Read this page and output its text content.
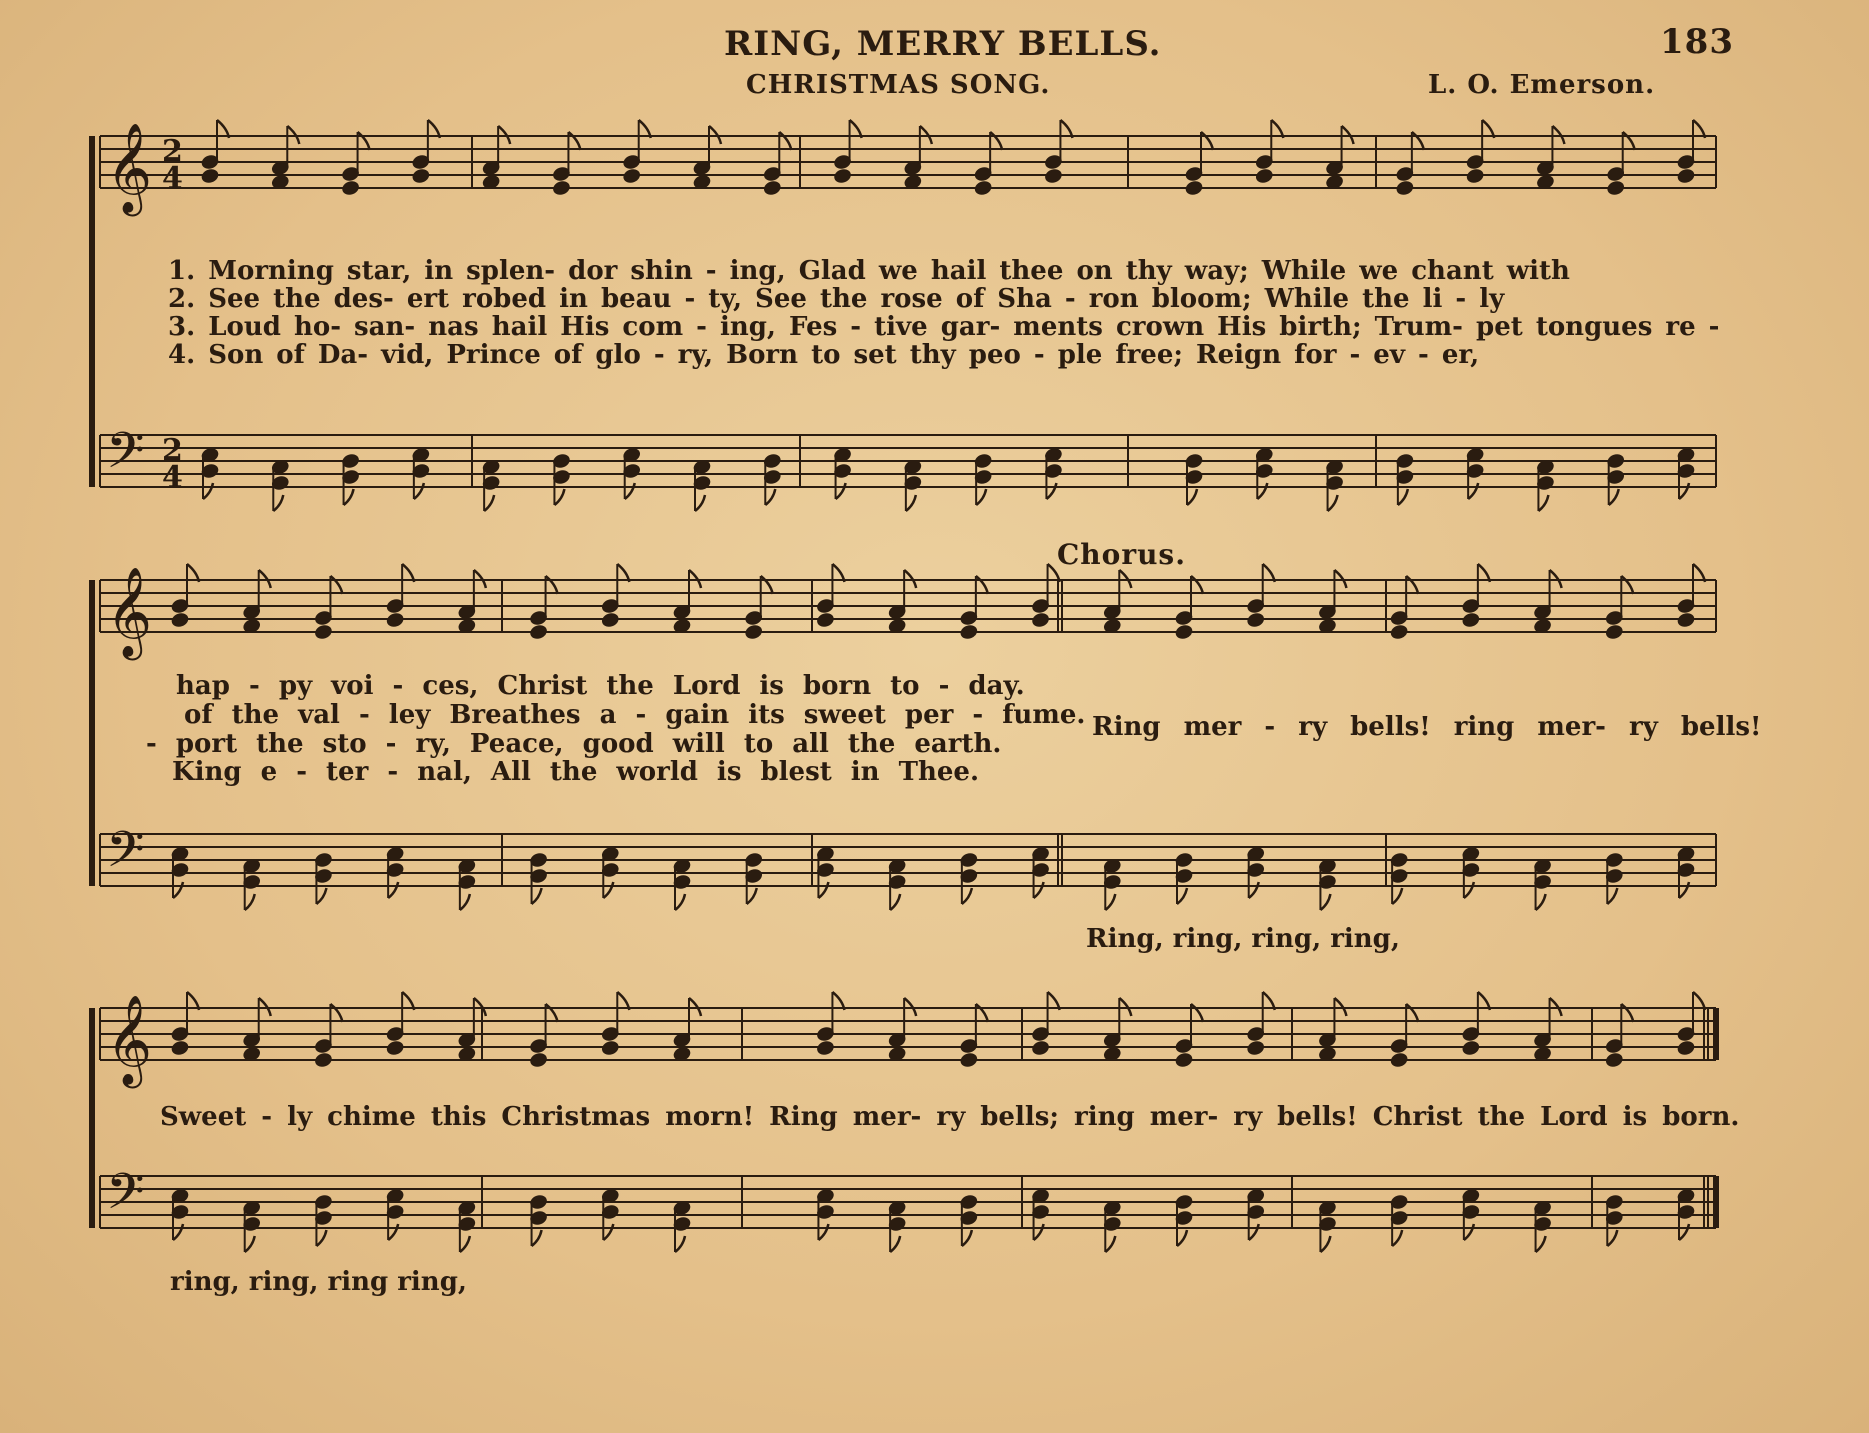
RING, MERRY BELLS.
CHRISTMAS SONG.	L. O. Emerson.
183
𝄞
𝄢
2
4
2
4
𝄞
𝄢
𝄞
𝄢
1. Morning star, in splen- dor shin - ing, Glad we hail thee on thy way; While we chant with
2. See the des- ert robed in beau - ty, See the rose of Sha - ron bloom; While the li - ly
3. Loud ho- san- nas hail His com - ing, Fes - tive gar- ments crown His birth; Trum- pet tongues re -
4. Son of Da- vid, Prince of glo - ry, Born to set thy peo - ple free; Reign for - ev - er,
hap - py voi - ces, Christ the Lord is born to - day.
of the val - ley Breathes a - gain its sweet per - fume.
- port the sto - ry, Peace, good will to all the earth.
King e - ter - nal, All the world is blest in Thee.
Chorus.
Ring mer - ry bells! ring mer- ry bells!
Ring, ring, ring, ring,
Sweet - ly chime this Christmas morn! Ring mer- ry bells; ring mer- ry bells! Christ the Lord is born.
ring, ring, ring ring,
